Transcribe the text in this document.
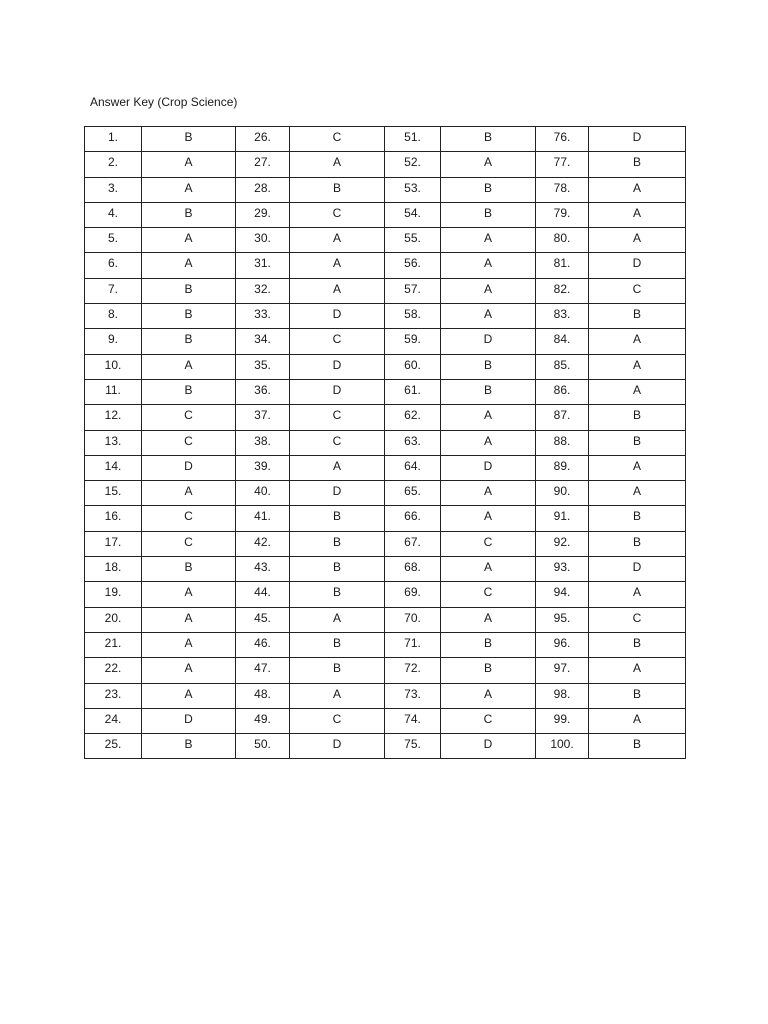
Answer Key (Crop Science)
1.	B	26.	C	51.	B	76.	D
2.	A	27.	A	52.	A	77.	B
3.	A	28.	B	53.	B	78.	A
4.	B	29.	C	54.	B	79.	A
5.	A	30.	A	55.	A	80.	A
6.	A	31.	A	56.	A	81.	D
7.	B	32.	A	57.	A	82.	C
8.	B	33.	D	58.	A	83.	B
9.	B	34.	C	59.	D	84.	A
10.	A	35.	D	60.	B	85.	A
11.	B	36.	D	61.	B	86.	A
12.	C	37.	C	62.	A	87.	B
13.	C	38.	C	63.	A	88.	B
14.	D	39.	A	64.	D	89.	A
15.	A	40.	D	65.	A	90.	A
16.	C	41.	B	66.	A	91.	B
17.	C	42.	B	67.	C	92.	B
18.	B	43.	B	68.	A	93.	D
19.	A	44.	B	69.	C	94.	A
20.	A	45.	A	70.	A	95.	C
21.	A	46.	B	71.	B	96.	B
22.	A	47.	B	72.	B	97.	A
23.	A	48.	A	73.	A	98.	B
24.	D	49.	C	74.	C	99.	A
25.	B	50.	D	75.	D	100.	B
